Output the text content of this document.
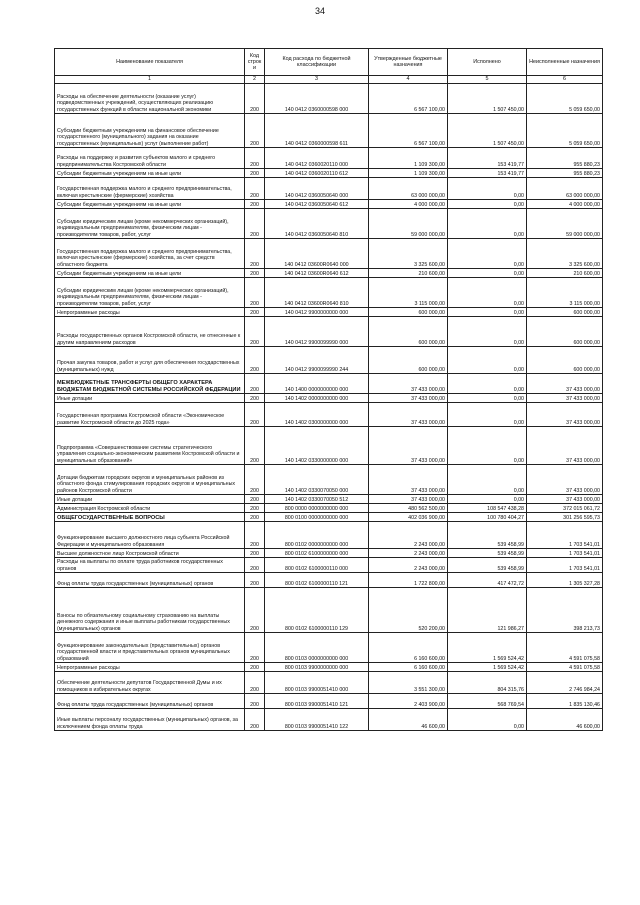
34
Наименование показателя	Код строк и	Код расхода по бюджетной классификации	Утвержденные бюджетные назначения	Исполнено	Неисполненные назначения
1	2	3	4	5	6
Расходы на обеспечение деятельности (оказание услуг) подведомственных учреждений, осуществляющих реализацию государственных функций в области национальной экономики	200	140 0412 0360000598 000	6 567 100,00	1 507 450,00	5 059 650,00
Субсидии бюджетным учреждениям на финансовое обеспечение государственного (муниципального) задания на оказание государственных (муниципальных) услуг (выполнение работ)	200	140 0412 0360000598 611	6 567 100,00	1 507 450,00	5 059 650,00
Расходы на поддержку и развития субъектов малого и среднего предпринимательства Костромской области	200	140 0412 0360020110 000	1 109 300,00	153 419,77	955 880,23
Субсидии бюджетным учреждениям на иные цели	200	140 0412 0360020110 612	1 109 300,00	153 419,77	955 880,23
Государственная поддержка малого и среднего предпринимательства, включая крестьянские (фермерские) хозяйства	200	140 0412 0360050640 000	63 000 000,00	0,00	63 000 000,00
Субсидии бюджетным учреждениям на иные цели	200	140 0412 0360050640 612	4 000 000,00	0,00	4 000 000,00
Субсидии юридическим лицам (кроме некоммерческих организаций), индивидуальным предпринимателям, физическим лицам - производителям товаров, работ, услуг	200	140 0412 0360050640 810	59 000 000,00	0,00	59 000 000,00
Государственная поддержка малого и среднего предпринимательства, включая крестьянские (фермерские) хозяйства, за счет средств областного бюджета	200	140 0412 03600R0640 000	3 325 600,00	0,00	3 325 600,00
Субсидии бюджетным учреждениям на иные цели	200	140 0412 03600R0640 612	210 600,00	0,00	210 600,00
Субсидии юридическим лицам (кроме некоммерческих организаций), индивидуальным предпринимателям, физическим лицам - производителям товаров, работ, услуг	200	140 0412 03600R0640 810	3 115 000,00	0,00	3 115 000,00
Непрограммные расходы	200	140 0412 9900000000 000	600 000,00	0,00	600 000,00
Расходы государственных органов Костромской области, не отнесенные к другим направлениям расходов	200	140 0412 9900099990 000	600 000,00	0,00	600 000,00
Прочая закупка товаров, работ и услуг для обеспечения государственных (муниципальных) нужд	200	140 0412 9900099990 244	600 000,00	0,00	600 000,00
МЕЖБЮДЖЕТНЫЕ ТРАНСФЕРТЫ ОБЩЕГО ХАРАКТЕРА БЮДЖЕТАМ БЮДЖЕТНОЙ СИСТЕМЫ РОССИЙСКОЙ ФЕДЕРАЦИИ	200	140 1400 0000000000 000	37 433 000,00	0,00	37 433 000,00
Иные дотации	200	140 1402 0000000000 000	37 433 000,00	0,00	37 433 000,00
Государственная программа Костромской области «Экономическое развитие Костромской области до 2025 года»	200	140 1402 0300000000 000	37 433 000,00	0,00	37 433 000,00
Подпрограмма «Совершенствование системы стратегического управления социально-экономическим развитием Костромской области и муниципальных образований»	200	140 1402 0330000000 000	37 433 000,00	0,00	37 433 000,00
Дотации бюджетам городских округов и муниципальных районов из областного фонда стимулирования городских округов и муниципальных районов Костромской области	200	140 1402 0330070050 000	37 433 000,00	0,00	37 433 000,00
Иные дотации	200	140 1402 0330070050 512	37 433 000,00	0,00	37 433 000,00
Администрация Костромской области	200	800 0000 0000000000 000	480 562 500,00	108 547 438,28	372 015 061,72
ОБЩЕГОСУДАРСТВЕННЫЕ ВОПРОСЫ	200	800 0100 0000000000 000	402 036 900,00	100 780 404,27	301 256 595,73
Функционирование высшего должностного лица субъекта Российской Федерации и муниципального образования	200	800 0102 0000000000 000	2 243 000,00	539 458,99	1 703 541,01
Высшее должностное лицо Костромской области	200	800 0102 6100000000 000	2 243 000,00	539 458,99	1 703 541,01
Расходы на выплаты по оплате труда работников государственных органов	200	800 0102 6100000110 000	2 243 000,00	539 458,99	1 703 541,01
Фонд оплаты труда государственных (муниципальных) органов	200	800 0102 6100000110 121	1 722 800,00	417 472,72	1 305 327,28
Взносы по обязательному социальному страхованию на выплаты денежного содержания и иные выплаты работникам государственных (муниципальных) органов	200	800 0102 6100000110 129	520 200,00	121 986,27	398 213,73
Функционирование законодательных (представительных) органов государственной власти и представительных органов муниципальных образований	200	800 0103 0000000000 000	6 160 600,00	1 569 524,42	4 591 075,58
Непрограммные расходы	200	800 0103 9900000000 000	6 160 600,00	1 569 524,42	4 591 075,58
Обеспечение деятельности депутатов Государственной Думы и их помощников в избирательных округах	200	800 0103 9900051410 000	3 551 300,00	804 315,76	2 746 984,24
Фонд оплаты труда государственных (муниципальных) органов	200	800 0103 9900051410 121	2 403 900,00	568 769,54	1 835 130,46
Иные выплаты персоналу государственных (муниципальных) органов, за исключением фонда оплаты труда	200	800 0103 9900051410 122	46 600,00	0,00	46 600,00
